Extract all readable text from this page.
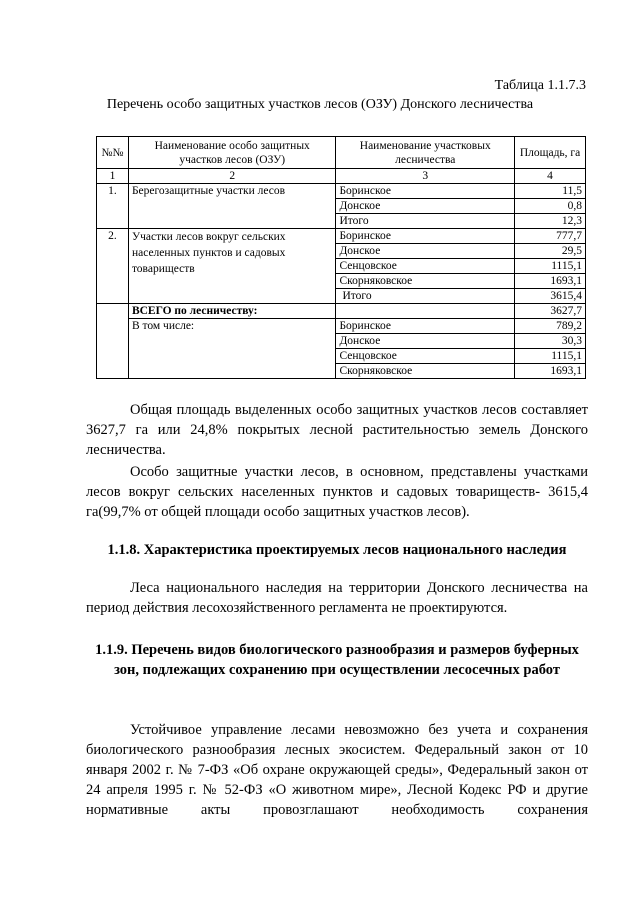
Таблица 1.1.7.3
Перечень особо защитных участков лесов (ОЗУ) Донского лесничества
№№	Наименование особо защитных участков лесов (ОЗУ)	Наименование участковых лесничества	Площадь, га
1	2	3	4
1.	Берегозащитные участки лесов	Боринское	11,5
		Донское	0,8
		Итого	12,3
2.	Участки лесов вокруг сельских населенных пунктов и садовых товариществ	Боринское	777,7
		Донское	29,5
		Сенцовское	1115,1
		Скорняковское	1693,1
		Итого	3615,4
	ВСЕГО по лесничеству:		3627,7
	В том числе:	Боринское	789,2
		Донское	30,3
		Сенцовское	1115,1
		Скорняковское	1693,1
Общая площадь выделенных особо защитных участков лесов составляет 3627,7 га или 24,8% покрытых лесной растительностью земель Донского лесничества.
Особо защитные участки лесов, в основном, представлены участками лесов вокруг сельских населенных пунктов и садовых товариществ- 3615,4 га(99,7% от общей площади особо защитных участков лесов).
1.1.8. Характеристика проектируемых лесов национального наследия
Леса национального наследия на территории Донского лесничества на период действия лесохозяйственного регламента не проектируются.
1.1.9. Перечень видов биологического разнообразия и размеров буферных зон, подлежащих сохранению при осуществлении лесосечных работ
Устойчивое управление лесами невозможно без учета и сохранения биологического разнообразия лесных экосистем. Федеральный закон от 10 января 2002 г. № 7-ФЗ «Об охране окружающей среды», Федеральный закон от 24 апреля 1995 г. № 52-ФЗ «О животном мире», Лесной Кодекс РФ и другие нормативные акты провозглашают необходимость сохранения
